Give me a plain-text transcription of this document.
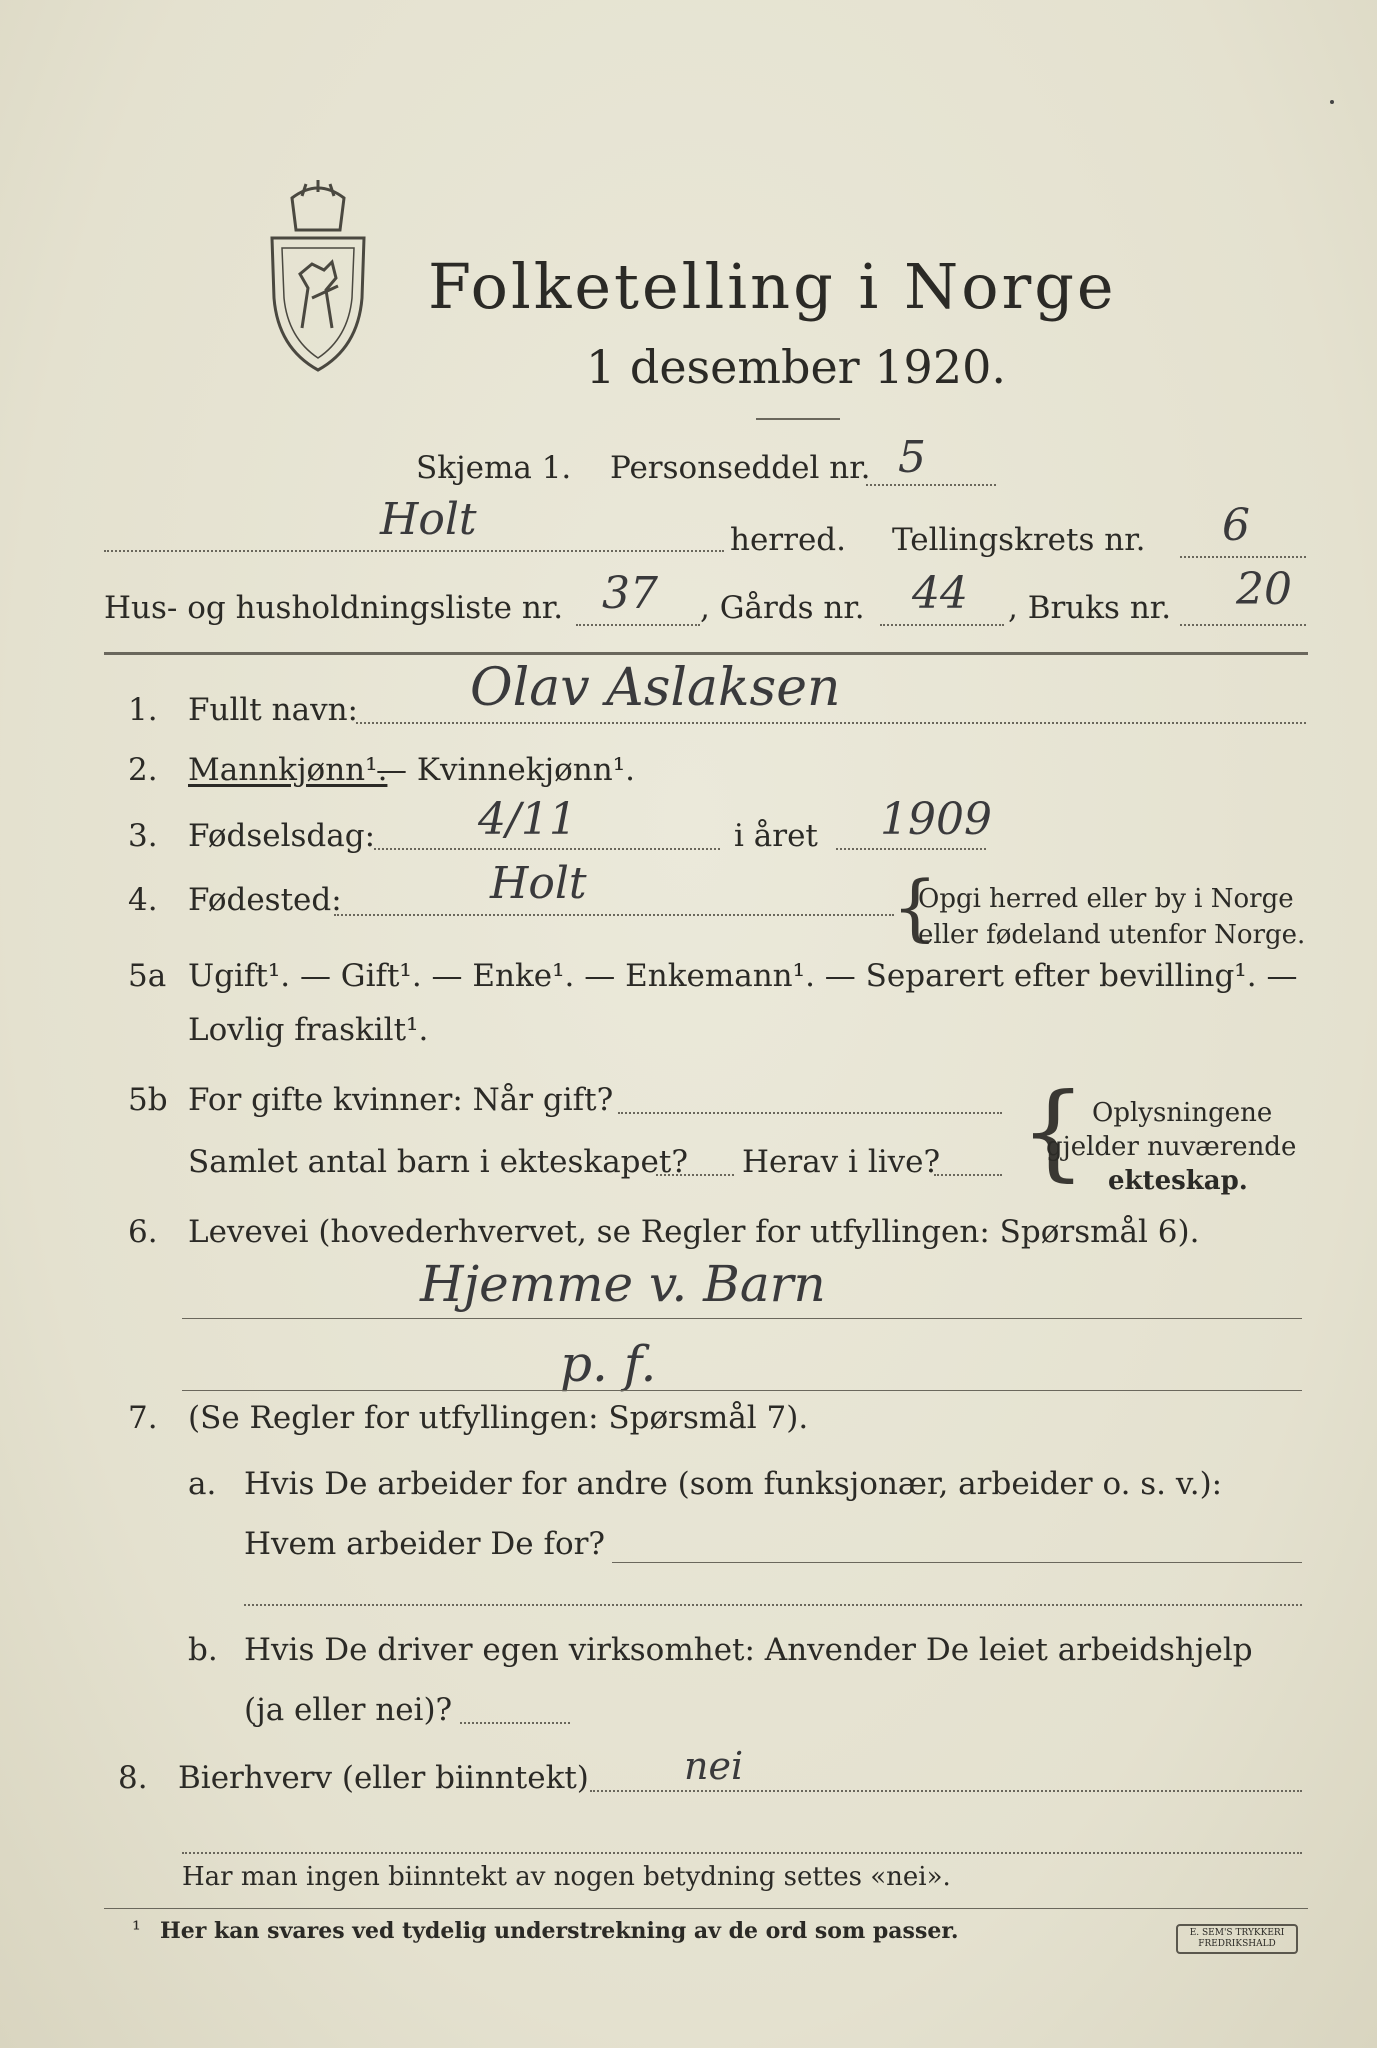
Folketelling i Norge
1 desember 1920.
Skjema 1. Personseddel nr. 5
Holt	herred. Tellingskrets nr. 6
Hus- og husholdningsliste nr. 37 , Gårds nr. 44 , Bruks nr. 20
1. Fullt navn: Olav Aslaksen
2. Mannkjønn¹.
— Kvinnekjønn¹.
3. Fødselsdag: 4/11	i året 1909
4. Fødested:	Holt	{
Opgi herred eller by i Norge
eller fødeland utenfor Norge.
5a Ugift¹. — Gift¹. — Enke¹. — Enkemann¹. — Separert efter bevilling¹. —
Lovlig fraskilt¹.
5b For gifte kvinner: Når gift?
Samlet antal barn i ekteskapet? Herav i live? { Oplysningene
gjelder nuværende
ekteskap.
6. Levevei (hovederhvervet, se Regler for utfyllingen: Spørsmål 6).
Hjemme v. Barn
p. f.
7. (Se Regler for utfyllingen: Spørsmål 7).
a. Hvis De arbeider for andre (som funksjonær, arbeider o. s. v.):
Hvem arbeider De for?
b. Hvis De driver egen virksomhet: Anvender De leiet arbeidshjelp
(ja eller nei)?
8. Bierhverv (eller biinntekt)	nei
Har man ingen biinntekt av nogen betydning settes «nei».
¹ Her kan svares ved tydelig understrekning av de ord som passer.	E. SEM'S TRYKKERI FREDRIKSHALD
